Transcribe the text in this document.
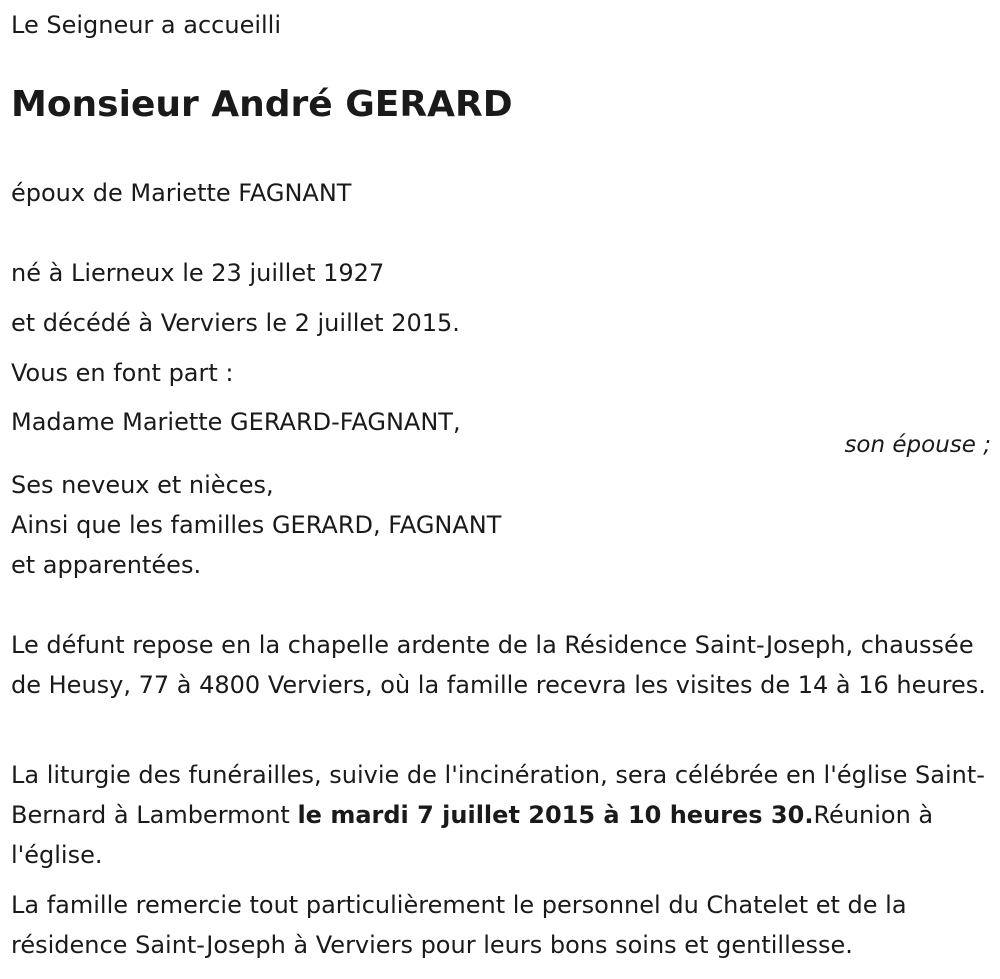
Le Seigneur a accueilli
Monsieur André GERARD
époux de Mariette FAGNANT
né à Lierneux le 23 juillet 1927
et décédé à Verviers le 2 juillet 2015.
Vous en font part :
Madame Mariette GERARD-FAGNANT,
son épouse ;
Ses neveux et nièces,
Ainsi que les familles GERARD, FAGNANT
et apparentées.
Le défunt repose en la chapelle ardente de la Résidence Saint-Joseph, chaussée de Heusy, 77 à 4800 Verviers, où la famille recevra les visites de 14 à 16 heures.
La liturgie des funérailles, suivie de l'incinération, sera célébrée en l'église Saint-Bernard à Lambermont le mardi 7 juillet 2015 à 10 heures 30.Réunion à l'église.
La famille remercie tout particulièrement le personnel du Chatelet et de la résidence Saint-Joseph à Verviers pour leurs bons soins et gentillesse.
